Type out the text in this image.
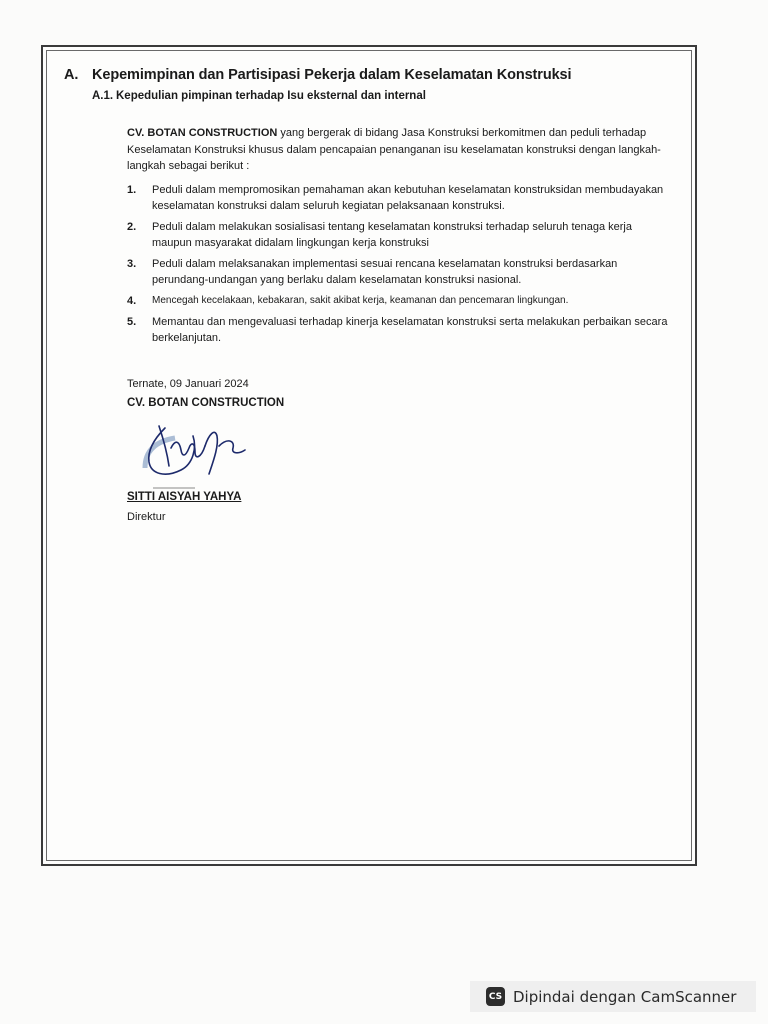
A. Kepemimpinan dan Partisipasi Pekerja dalam Keselamatan Konstruksi
A.1. Kepedulian pimpinan terhadap Isu eksternal dan internal
CV. BOTAN CONSTRUCTION yang bergerak di bidang Jasa Konstruksi berkomitmen dan peduli terhadap Keselamatan Konstruksi khusus dalam pencapaian penanganan isu keselamatan konstruksi dengan langkah-langkah sebagai berikut :
1.	Peduli dalam mempromosikan pemahaman akan kebutuhan keselamatan konstruksidan membudayakan keselamatan konstruksi dalam seluruh kegiatan pelaksanaan konstruksi.
2.	Peduli dalam melakukan sosialisasi tentang keselamatan konstruksi terhadap seluruh tenaga kerja maupun masyarakat didalam lingkungan kerja konstruksi
3.	Peduli dalam melaksanakan implementasi sesuai rencana keselamatan konstruksi berdasarkan perundang-undangan yang berlaku dalam keselamatan konstruksi nasional.
4.	Mencegah kecelakaan, kebakaran, sakit akibat kerja, keamanan dan pencemaran lingkungan.
5.	Memantau dan mengevaluasi terhadap kinerja keselamatan konstruksi serta melakukan perbaikan secara berkelanjutan.
Ternate, 09 Januari 2024
CV. BOTAN CONSTRUCTION
SITTI AISYAH YAHYA
Direktur
CS Dipindai dengan CamScanner
